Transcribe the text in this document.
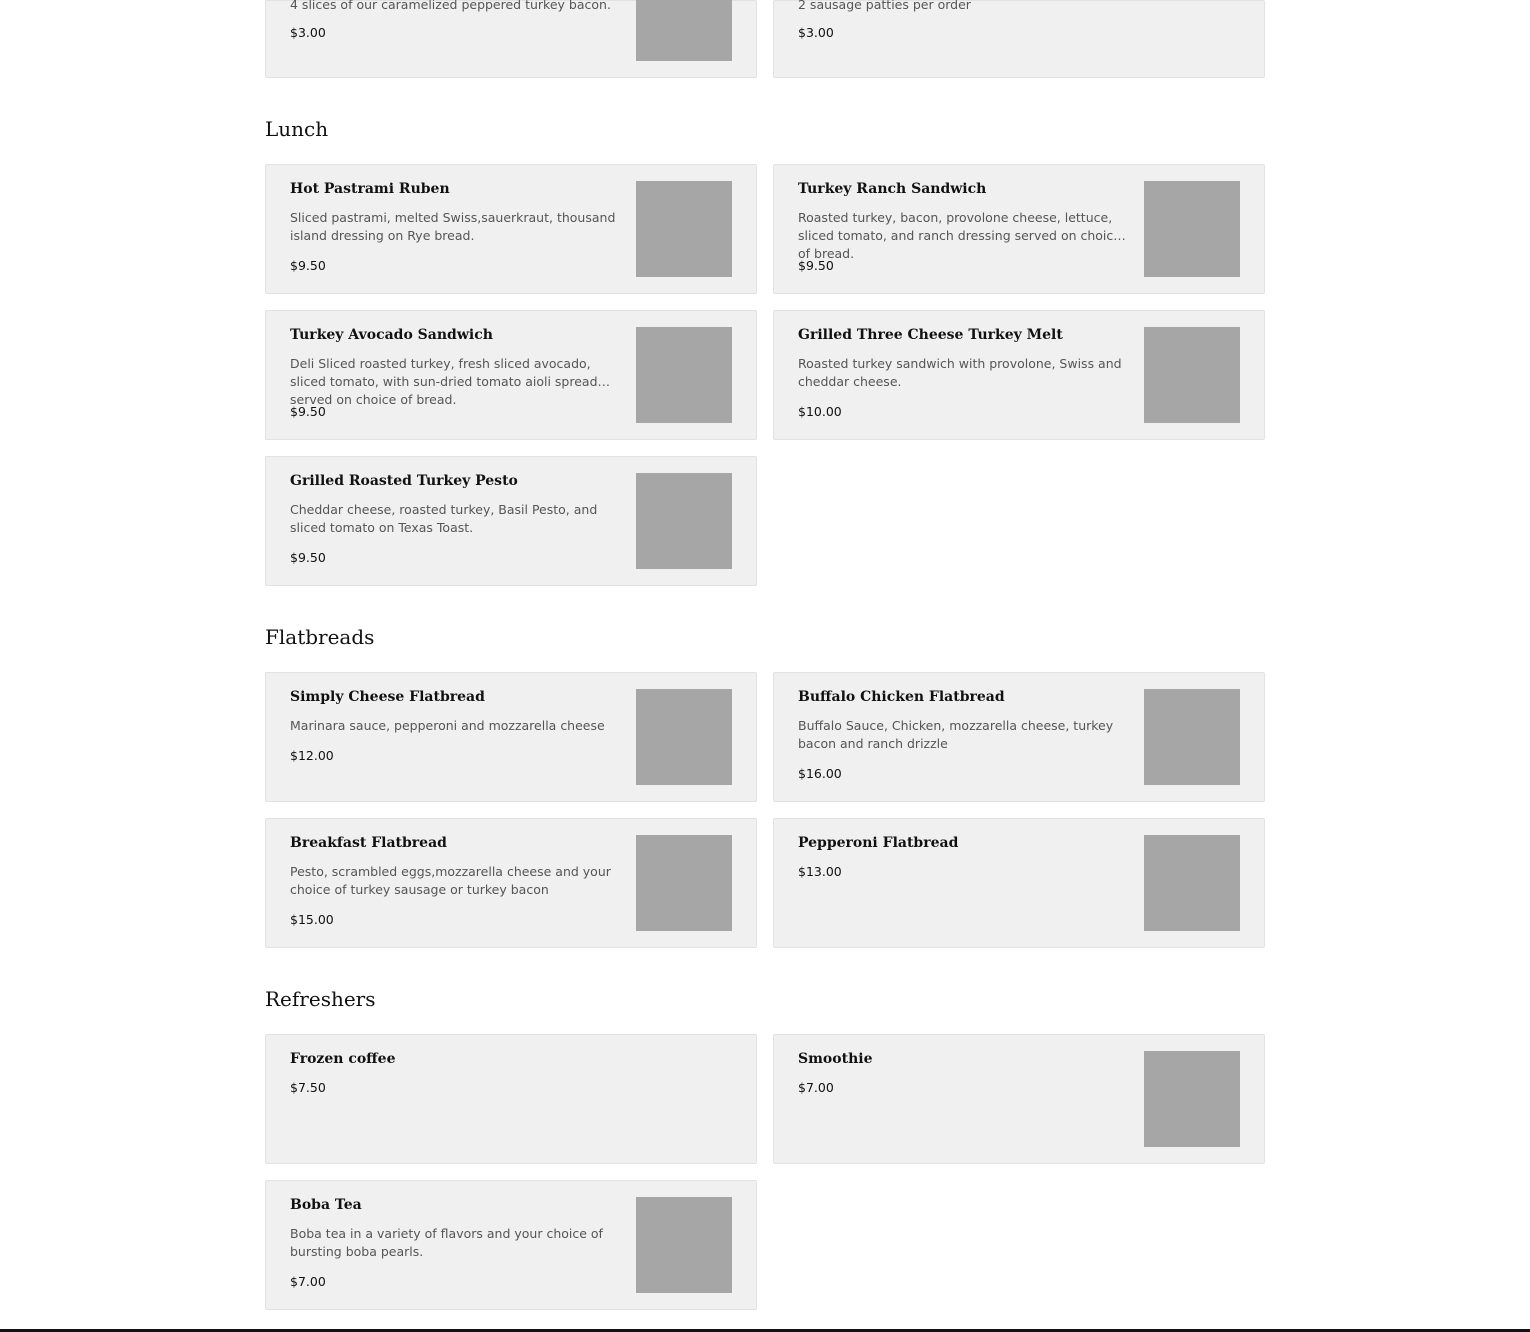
4 slices of our caramelized peppered turkey bacon.
$3.00
2 sausage patties per order
$3.00
Lunch
Hot Pastrami Ruben
Sliced pastrami, melted Swiss,sauerkraut, thousand island dressing on Rye bread.
$9.50
Turkey Ranch Sandwich
Roasted turkey, bacon, provolone cheese, lettuce, sliced tomato, and ranch dressing served on choice of bread.
$9.50
Turkey Avocado Sandwich
Deli Sliced roasted turkey, fresh sliced avocado, sliced tomato, with sun-dried tomato aioli spread served on choice of bread.
$9.50
Grilled Three Cheese Turkey Melt
Roasted turkey sandwich with provolone, Swiss and cheddar cheese.
$10.00
Grilled Roasted Turkey Pesto
Cheddar cheese, roasted turkey, Basil Pesto, and sliced tomato on Texas Toast.
$9.50
Flatbreads
Simply Cheese Flatbread
Marinara sauce, pepperoni and mozzarella cheese
$12.00
Buffalo Chicken Flatbread
Buffalo Sauce, Chicken, mozzarella cheese, turkey bacon and ranch drizzle
$16.00
Breakfast Flatbread
Pesto, scrambled eggs,mozzarella cheese and your choice of turkey sausage or turkey bacon
$15.00
Pepperoni Flatbread
$13.00
Refreshers
Frozen coffee
$7.50
Smoothie
$7.00
Boba Tea
Boba tea in a variety of flavors and your choice of bursting boba pearls.
$7.00
